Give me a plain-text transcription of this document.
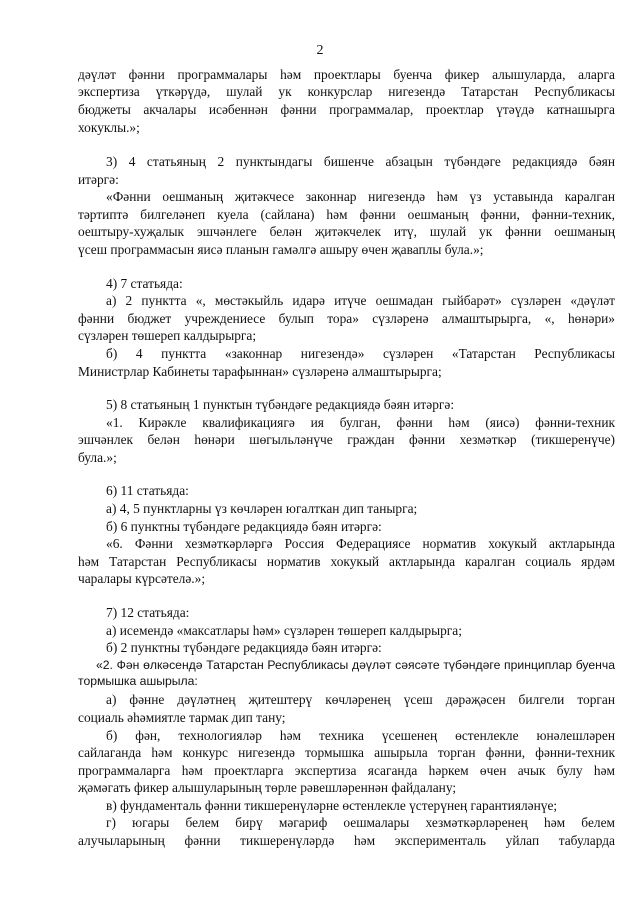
2
дәүләт фәнни программалары һәм проектлары буенча фикер алышуларда, аларга
экспертиза үткәрүдә, шулай ук конкурслар нигезендә Татарстан Республикасы
бюджеты акчалары исәбеннән фәнни программалар, проектлар үтәүдә катнашырга
хокуклы.»;
3) 4 статьяның 2 пунктындагы бишенче абзацын түбәндәге редакциядә бәян
итәргә:
«Фәнни оешманың җитәкчесе законнар нигезендә һәм үз уставында каралган
тәртиптә билгеләнеп куела (сайлана) һәм фәнни оешманың фәнни, фәнни-техник,
оештыру-хуҗалык эшчәнлеге белән җитәкчелек итү, шулай ук фәнни оешманың
үсеш программасын яисә планын гамәлгә ашыру өчен җаваплы була.»;
4) 7 статьяда:
а) 2 пунктта «, мөстәкыйль идарә итүче оешмадан гыйбарәт» сүзләрен «дәүләт
фәнни бюджет учреждениесе булып тора» сүзләренә алмаштырырга, «, һөнәри»
сүзләрен төшереп калдырырга;
б) 4 пунктта «законнар нигезендә» сүзләрен «Татарстан Республикасы
Министрлар Кабинеты тарафыннан» сүзләренә алмаштырырга;
5) 8 статьяның 1 пунктын түбәндәге редакциядә бәян итәргә:
«1. Кирәкле квалификациягә ия булган, фәнни һәм (яисә) фәнни-техник
эшчәнлек белән һөнәри шөгыльләнүче граждан фәнни хезмәткәр (тикшеренүче)
була.»;
6) 11 статьяда:
а) 4, 5 пунктларны үз көчләрен югалткан дип танырга;
б) 6 пунктны түбәндәге редакциядә бәян итәргә:
«6. Фәнни хезмәткәрләргә Россия Федерациясе норматив хокукый актларында
һәм Татарстан Республикасы норматив хокукый актларында каралган социаль ярдәм
чаралары күрсәтелә.»;
7) 12 статьяда:
а) исемендә «максатлары һәм» сүзләрен төшереп калдырырга;
б) 2 пунктны түбәндәге редакциядә бәян итәргә:
«2. Фән өлкәсендә Татарстан Республикасы дәүләт сәясәте түбәндәге принциплар буенча
тормышка ашырыла:
а) фәнне дәүләтнең җитештерү көчләренең үсеш дәрәҗәсен билгели торган
социаль әһәмиятле тармак дип тану;
б) фән, технологияләр һәм техника үсешенең өстенлекле юнәлешләрен
сайлаганда һәм конкурс нигезендә тормышка ашырыла торган фәнни, фәнни-техник
программаларга һәм проектларга экспертиза ясаганда һәркем өчен ачык булу һәм
җәмәгать фикер алышуларының төрле рәвешләреннән файдалану;
в) фундаменталь фәнни тикшеренүләрне өстенлекле үстерүнең гарантияләнүе;
г) югары белем бирү мәгариф оешмалары хезмәткәрләренең һәм белем
алучыларының фәнни тикшеренүләрдә һәм эксперименталь уйлап табуларда
